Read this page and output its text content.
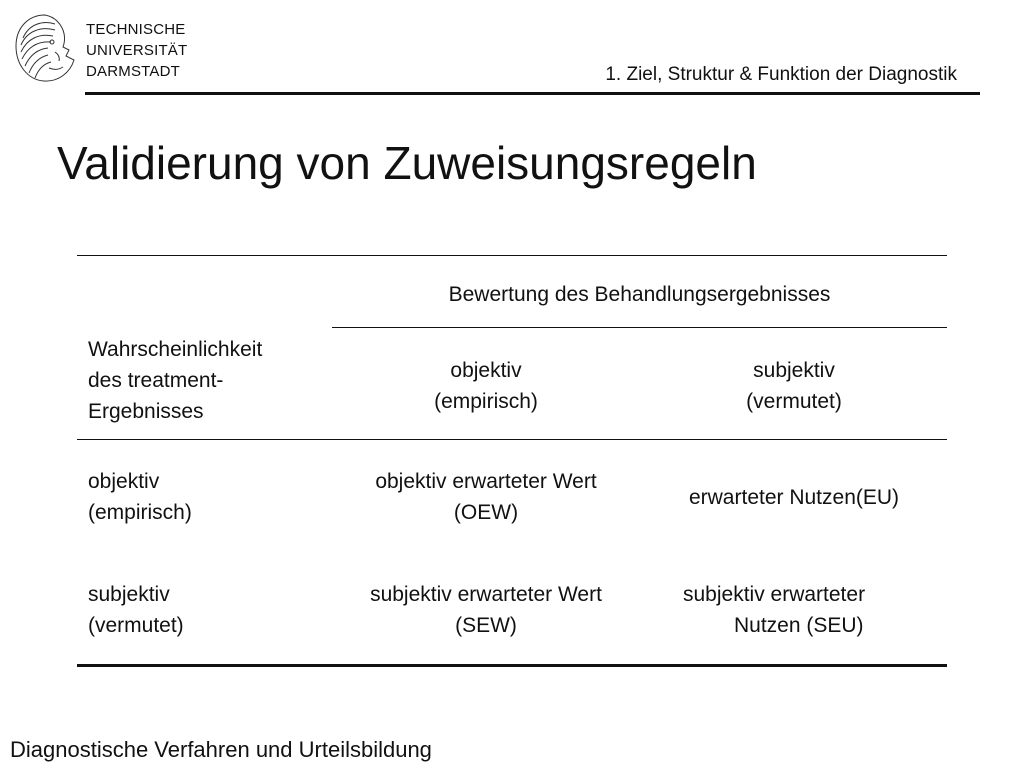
TECHNISCHE
UNIVERSITÄT
DARMSTADT	1. Ziel, Struktur & Funktion der Diagnostik
Validierung von Zuweisungsregeln
Bewertung des Behandlungsergebnisses
Wahrscheinlichkeit
des treatment-
Ergebnisses
objektiv
(empirisch)
subjektiv
(vermutet)
objektiv
(empirisch)
objektiv erwarteter Wert
(OEW)
erwarteter Nutzen(EU)
subjektiv
(vermutet)
subjektiv erwarteter Wert
(SEW)
subjektiv erwarteter
Nutzen (SEU)
Diagnostische Verfahren und Urteilsbildung
